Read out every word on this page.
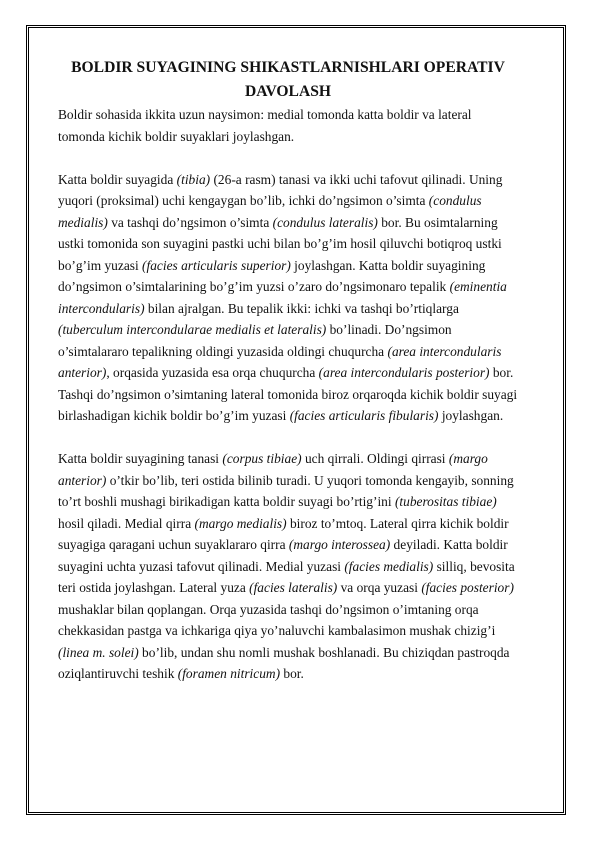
BOLDIR SUYAGINING SHIKASTLARNISHLARI OPERATIV DAVOLASH

Boldir sohasida ikkita uzun naysimon: medial tomonda katta boldir va lateral tomonda kichik boldir suyaklari joylashgan.

Katta boldir suyagida (tibia) (26-a rasm) tanasi va ikki uchi tafovut qilinadi. Uning yuqori (proksimal) uchi kengaygan bo’lib, ichki do’ngsimon o’simta (condulus medialis) va tashqi do’ngsimon o’simta (condulus lateralis) bor. Bu osimtalarning ustki tomonida son suyagini pastki uchi bilan bo’g’im hosil qiluvchi botiqroq ustki bo’g’im yuzasi (facies articularis superior) joylashgan. Katta boldir suyagining do’ngsimon o’simtalarining bo’g’im yuzsi o’zaro do’ngsimonaro tepalik (eminentia intercondularis) bilan ajralgan. Bu tepalik ikki: ichki va tashqi bo’rtiqlarga (tuberculum intercondularae medialis et lateralis) bo’linadi. Do’ngsimon o’simtalararo tepalikning oldingi yuzasida oldingi chuqurcha (area intercondularis anterior), orqasida yuzasida esa orqa chuqurcha (area intercondularis posterior) bor. Tashqi do’ngsimon o’simtaning lateral tomonida biroz orqaroqda kichik boldir suyagi birlashadigan kichik boldir bo’g’im yuzasi (facies articularis fibularis) joylashgan.

Katta boldir suyagining tanasi (corpus tibiae) uch qirrali. Oldingi qirrasi (margo anterior) o’tkir bo’lib, teri ostida bilinib turadi. U yuqori tomonda kengayib, sonning to’rt boshli mushagi birikadigan katta boldir suyagi bo’rtig’ini (tuberositas tibiae) hosil qiladi. Medial qirra (margo medialis) biroz to’mtoq. Lateral qirra kichik boldir suyagiga qaragani uchun suyaklararo qirra (margo interossea) deyiladi. Katta boldir suyagini uchta yuzasi tafovut qilinadi. Medial yuzasi (facies medialis) silliq, bevosita teri ostida joylashgan. Lateral yuza (facies lateralis) va orqa yuzasi (facies posterior) mushaklar bilan qoplangan. Orqa yuzasida tashqi do’ngsimon o’imtaning orqa chekkasidan pastga va ichkariga qiya yo’naluvchi kambalasimon mushak chizig’i (linea m. solei) bo’lib, undan shu nomli mushak boshlanadi. Bu chiziqdan pastroqda oziqlantiruvchi teshik (foramen nitricum) bor.
